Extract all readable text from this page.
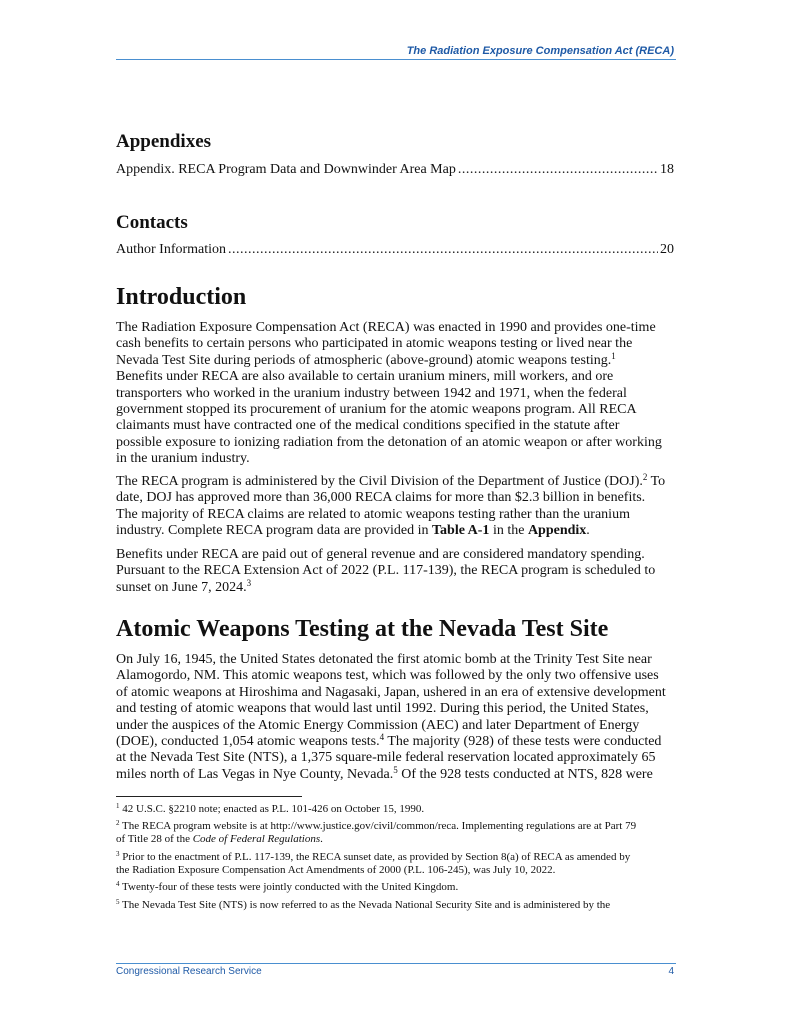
The Radiation Exposure Compensation Act (RECA)
Appendixes
Appendix. RECA Program Data and Downwinder Area Map .....	18
Contacts
Author Information .....	20
Introduction
The Radiation Exposure Compensation Act (RECA) was enacted in 1990 and provides one-time
cash benefits to certain persons who participated in atomic weapons testing or lived near the
Nevada Test Site during periods of atmospheric (above-ground) atomic weapons testing.$^1$
Benefits under RECA are also available to certain uranium miners, mill workers, and ore
transporters who worked in the uranium industry between 1942 and 1971, when the federal
government stopped its procurement of uranium for the atomic weapons program. All RECA
claimants must have contracted one of the medical conditions specified in the statute after
possible exposure to ionizing radiation from the detonation of an atomic weapon or after working
in the uranium industry.
The RECA program is administered by the Civil Division of the Department of Justice (DOJ).$^2$ To
date, DOJ has approved more than 36,000 RECA claims for more than $2.3 billion in benefits.
The majority of RECA claims are related to atomic weapons testing rather than the uranium
industry. Complete RECA program data are provided in Table A-1 in the Appendix.
Benefits under RECA are paid out of general revenue and are considered mandatory spending.
Pursuant to the RECA Extension Act of 2022 (P.L. 117-139), the RECA program is scheduled to
sunset on June 7, 2024.$^3$
Atomic Weapons Testing at the Nevada Test Site
On July 16, 1945, the United States detonated the first atomic bomb at the Trinity Test Site near
Alamogordo, NM. This atomic weapons test, which was followed by the only two offensive uses
of atomic weapons at Hiroshima and Nagasaki, Japan, ushered in an era of extensive development
and testing of atomic weapons that would last until 1992. During this period, the United States,
under the auspices of the Atomic Energy Commission (AEC) and later Department of Energy
(DOE), conducted 1,054 atomic weapons tests.$^4$ The majority (928) of these tests were conducted
at the Nevada Test Site (NTS), a 1,375 square-mile federal reservation located approximately 65
miles north of Las Vegas in Nye County, Nevada.$^5$ Of the 928 tests conducted at NTS, 828 were
$^1$ 42 U.S.C. §2210 note; enacted as P.L. 101-426 on October 15, 1990.
$^2$ The RECA program website is at http://www.justice.gov/civil/common/reca. Implementing regulations are at Part 79
of Title 28 of the Code of Federal Regulations.
$^3$ Prior to the enactment of P.L. 117-139, the RECA sunset date, as provided by Section 8(a) of RECA as amended by
the Radiation Exposure Compensation Act Amendments of 2000 (P.L. 106-245), was July 10, 2022.
$^4$ Twenty-four of these tests were jointly conducted with the United Kingdom.
$^5$ The Nevada Test Site (NTS) is now referred to as the Nevada National Security Site and is administered by the
Congressional Research Service	4
